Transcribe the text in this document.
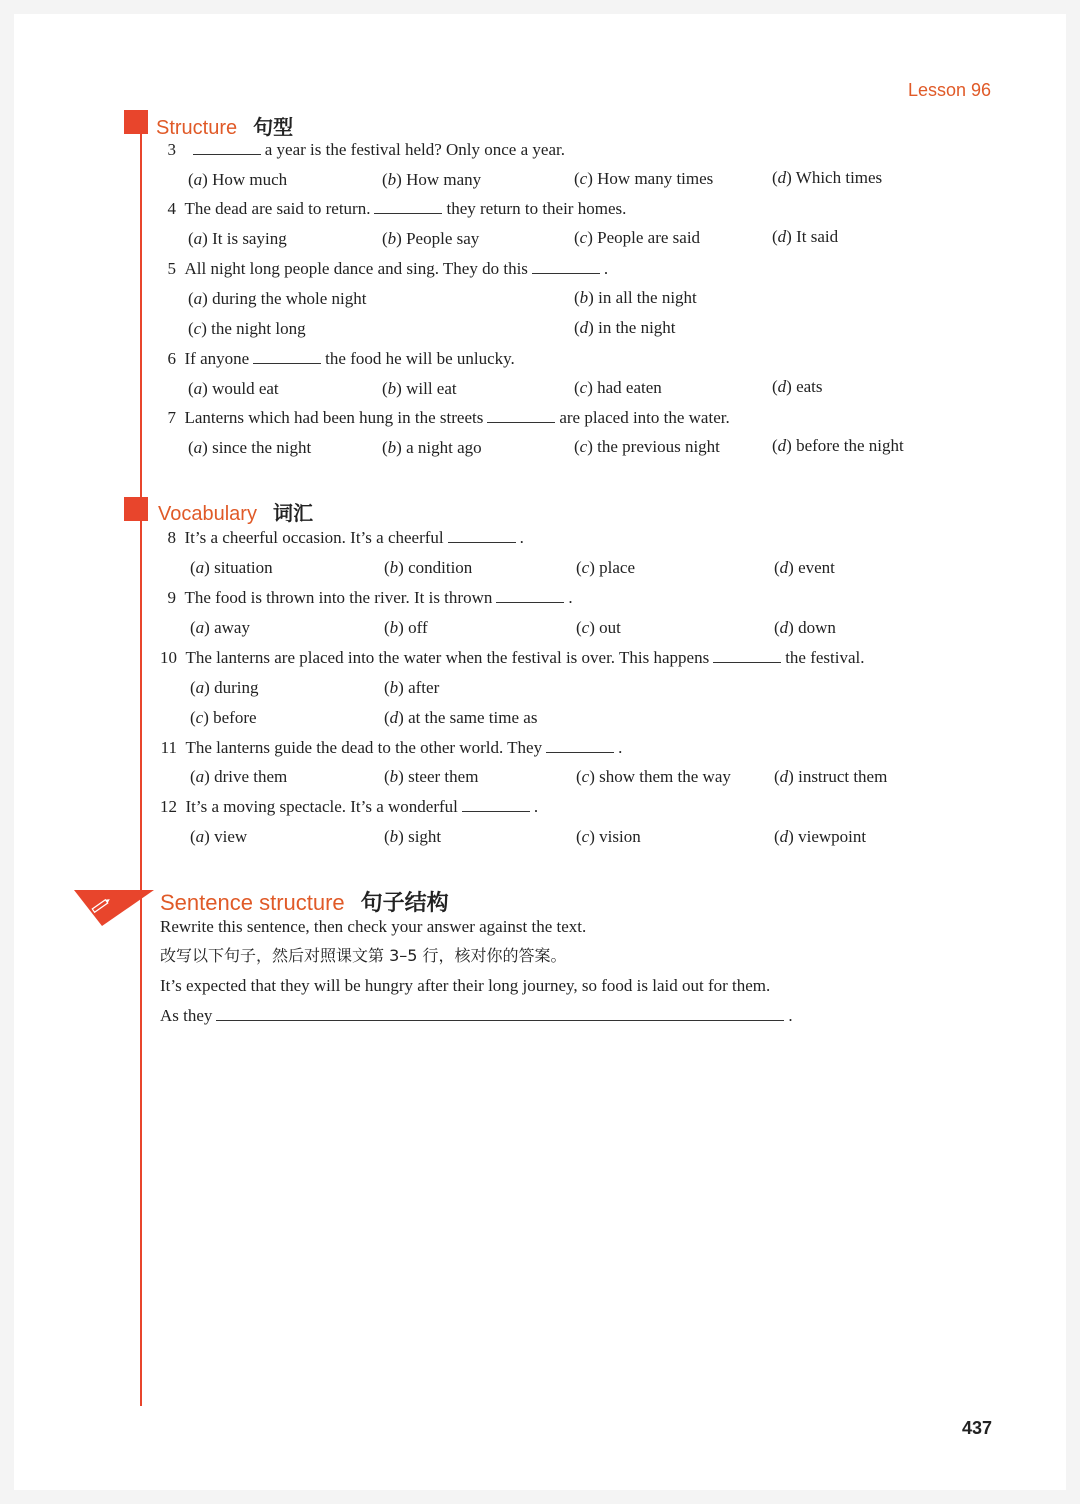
Lesson 96
Structure 句型
3	a year is the festival held? Only once a year.
(a) How much	(b) How many	(c) How many times	(d) Which times
4 The dead are said to return.	they return to their homes.
(a) It is saying	(b) People say	(c) People are said	(d) It said
5 All night long people dance and sing. They do this	.
(a) during the whole night	(b) in all the night
(c) the night long	(d) in the night
6 If anyone	the food he will be unlucky.
(a) would eat	(b) will eat	(c) had eaten	(d) eats
7 Lanterns which had been hung in the streets	are placed into the water.
(a) since the night	(b) a night ago	(c) the previous night	(d) before the night
Vocabulary 词汇
8 It’s a cheerful occasion. It’s a cheerful	.
(a) situation	(b) condition	(c) place	(d) event
9 The food is thrown into the river. It is thrown	.
(a) away	(b) off	(c) out	(d) down
10 The lanterns are placed into the water when the festival is over. This happens	the festival.
(a) during	(b) after
(c) before	(d) at the same time as
11 The lanterns guide the dead to the other world. They	.
(a) drive them	(b) steer them	(c) show them the way	(d) instruct them
12 It’s a moving spectacle. It’s a wonderful	.
(a) view	(b) sight	(c) vision	(d) viewpoint
Sentence structure 句子结构
Rewrite this sentence, then check your answer against the text.
改写以下句子，然后对照课文第 3–5 行，核对你的答案。
It’s expected that they will be hungry after their long journey, so food is laid out for them.
As they	.
437
